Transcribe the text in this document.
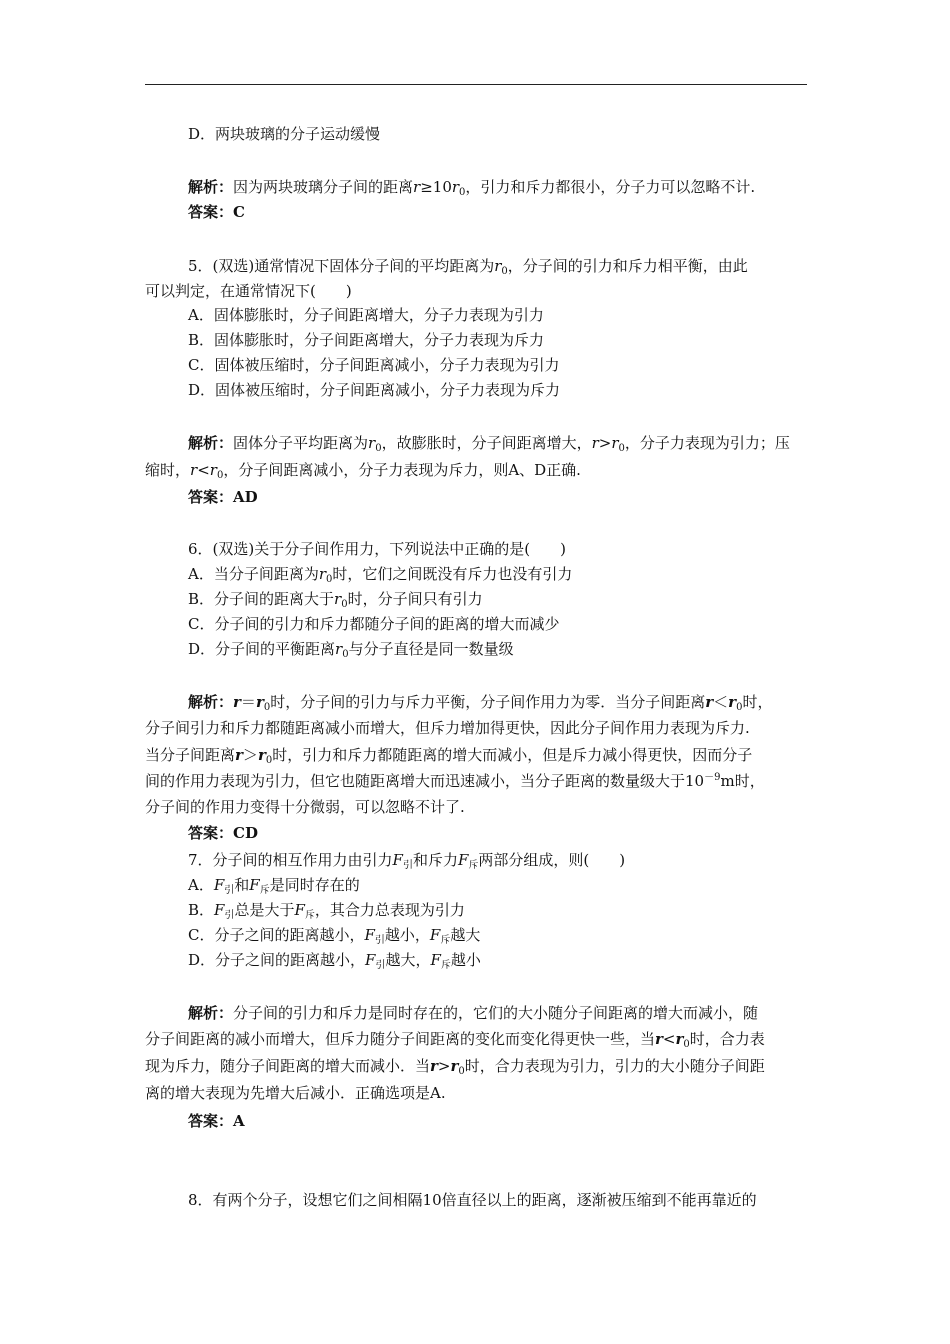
D．两块玻璃的分子运动缓慢
解析：因为两块玻璃分子间的距离$r\ge 10r_0$，引力和斥力都很小，分子力可以忽略不计.
答案：C
5．(双选)通常情况下固体分子间的平均距离为$r_0$，分子间的引力和斥力相平衡，由此
可以判定，在通常情况下(　　)
A．固体膨胀时，分子间距离增大，分子力表现为引力
B．固体膨胀时，分子间距离增大，分子力表现为斥力
C．固体被压缩时，分子间距离减小，分子力表现为引力
D．固体被压缩时，分子间距离减小，分子力表现为斥力
解析：固体分子平均距离为$r_0$，故膨胀时，分子间距离增大，$r>r_0$，分子力表现为引力；压
缩时，$r<r_0$，分子间距离减小，分子力表现为斥力，则A、D正确.
答案：AD
6．(双选)关于分子间作用力，下列说法中正确的是(　　)
A．当分子间距离为$r_0$时，它们之间既没有斥力也没有引力
B．分子间的距离大于$r_0$时，分子间只有引力
C．分子间的引力和斥力都随分子间的距离的增大而减少
D．分子间的平衡距离$r_0$与分子直径是同一数量级
解析：$r=r_0$时，分子间的引力与斥力平衡，分子间作用力为零．当分子间距离$r<r_0$时，
分子间引力和斥力都随距离减小而增大，但斥力增加得更快，因此分子间作用力表现为斥力.
当分子间距离$r>r_0$时，引力和斥力都随距离的增大而减小，但是斥力减小得更快，因而分子
间的作用力表现为引力，但它也随距离增大而迅速减小，当分子距离的数量级大于$10^{-9}m$时，
分子间的作用力变得十分微弱，可以忽略不计了.
答案：CD
7．分子间的相互作用力由引力$F_引$和斥力$F_斥$两部分组成，则(　　)
A．$F_引$和$F_斥$是同时存在的
B．$F_引$总是大于$F_斥$，其合力总表现为引力
C．分子之间的距离越小，$F_引$越小，$F_斥$越大
D．分子之间的距离越小，$F_引$越大，$F_斥$越小
解析：分子间的引力和斥力是同时存在的，它们的大小随分子间距离的增大而减小，随
分子间距离的减小而增大，但斥力随分子间距离的变化而变化得更快一些，当$r<r_0$时，合力表
现为斥力，随分子间距离的增大而减小．当$r>r_0$时，合力表现为引力，引力的大小随分子间距
离的增大表现为先增大后减小．正确选项是A.
答案：A
8．有两个分子，设想它们之间相隔10倍直径以上的距离，逐渐被压缩到不能再靠近的
